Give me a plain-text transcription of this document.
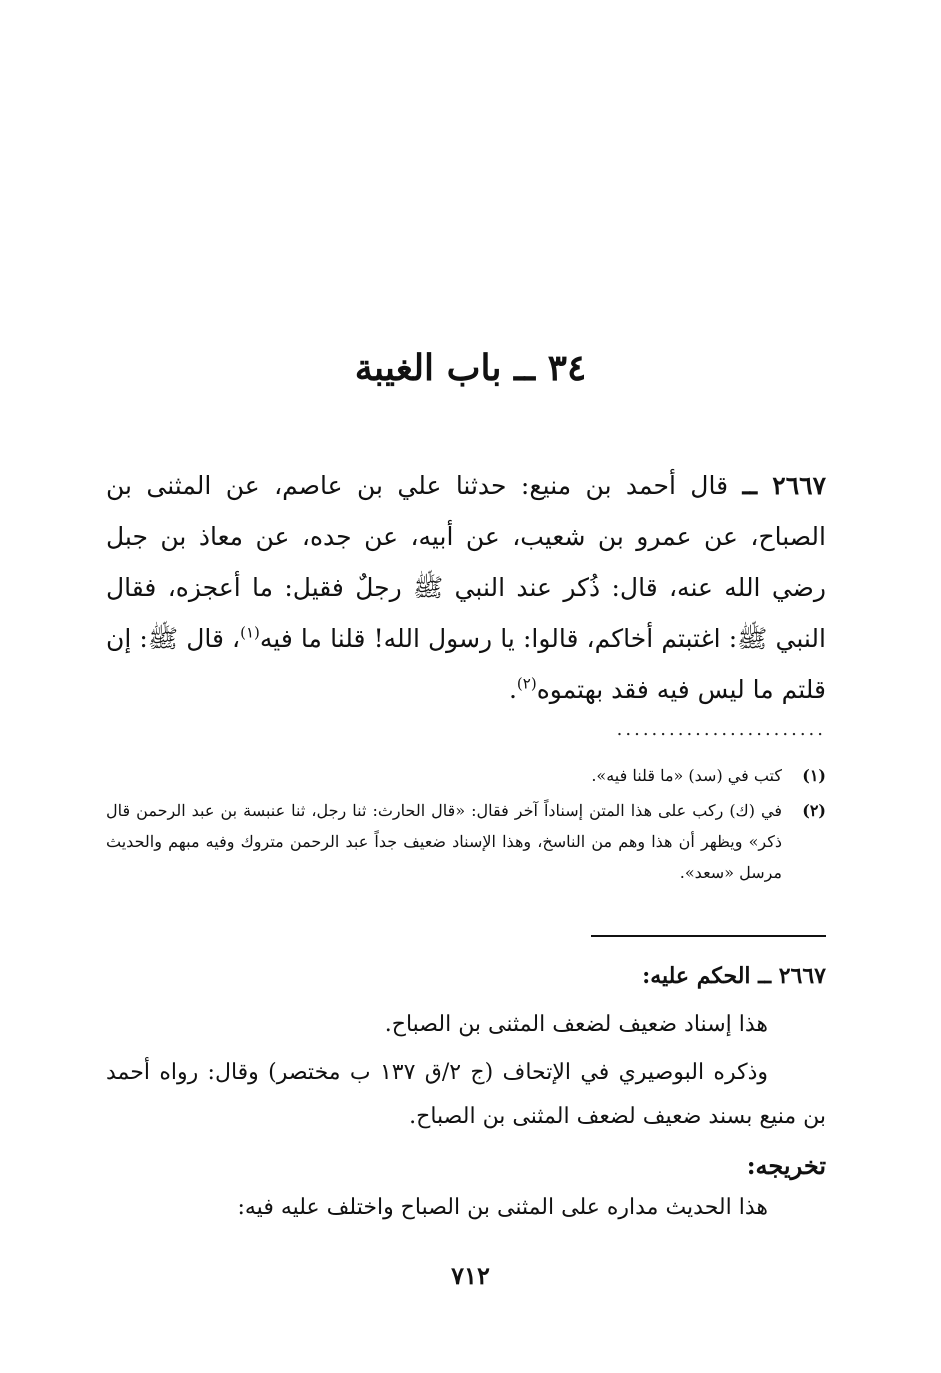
٣٤ ــ باب الغيبة

٢٦٦٧ ــ قال أحمد بن منيع: حدثنا علي بن عاصم، عن المثنى بن الصباح، عن عمرو بن شعيب، عن أبيه، عن جده، عن معاذ بن جبل رضي الله عنه، قال: ذُكر عند النبي ﷺ رجلٌ فقيل: ما أعجزه، فقال النبي ﷺ: اغتبتم أخاكم، قالوا: يا رسول الله! قلنا ما فيه$^{(١)}$، قال ﷺ: إن قلتم ما ليس فيه فقد بهتموه$^{(٢)}$.

........................
(١)
كتب في (سد) «ما قلنا فيه».
(٢)
في (ك) ركب على هذا المتن إسناداً آخر فقال: «قال الحارث: ثنا رجل، ثنا عنبسة بن عبد الرحمن قال ذكر» ويظهر أن هذا وهم من الناسخ، وهذا الإسناد ضعيف جداً عبد الرحمن متروك وفيه مبهم والحديث مرسل «سعد».
٢٦٦٧ ــ الحكم عليه:

هذا إسناد ضعيف لضعف المثنى بن الصباح.

وذكره البوصيري في الإتحاف (ج ٢/ق ١٣٧ ب مختصر) وقال: رواه أحمد بن منيع بسند ضعيف لضعف المثنى بن الصباح.

تخريجه:

هذا الحديث مداره على المثنى بن الصباح واختلف عليه فيه:

٧١٢
